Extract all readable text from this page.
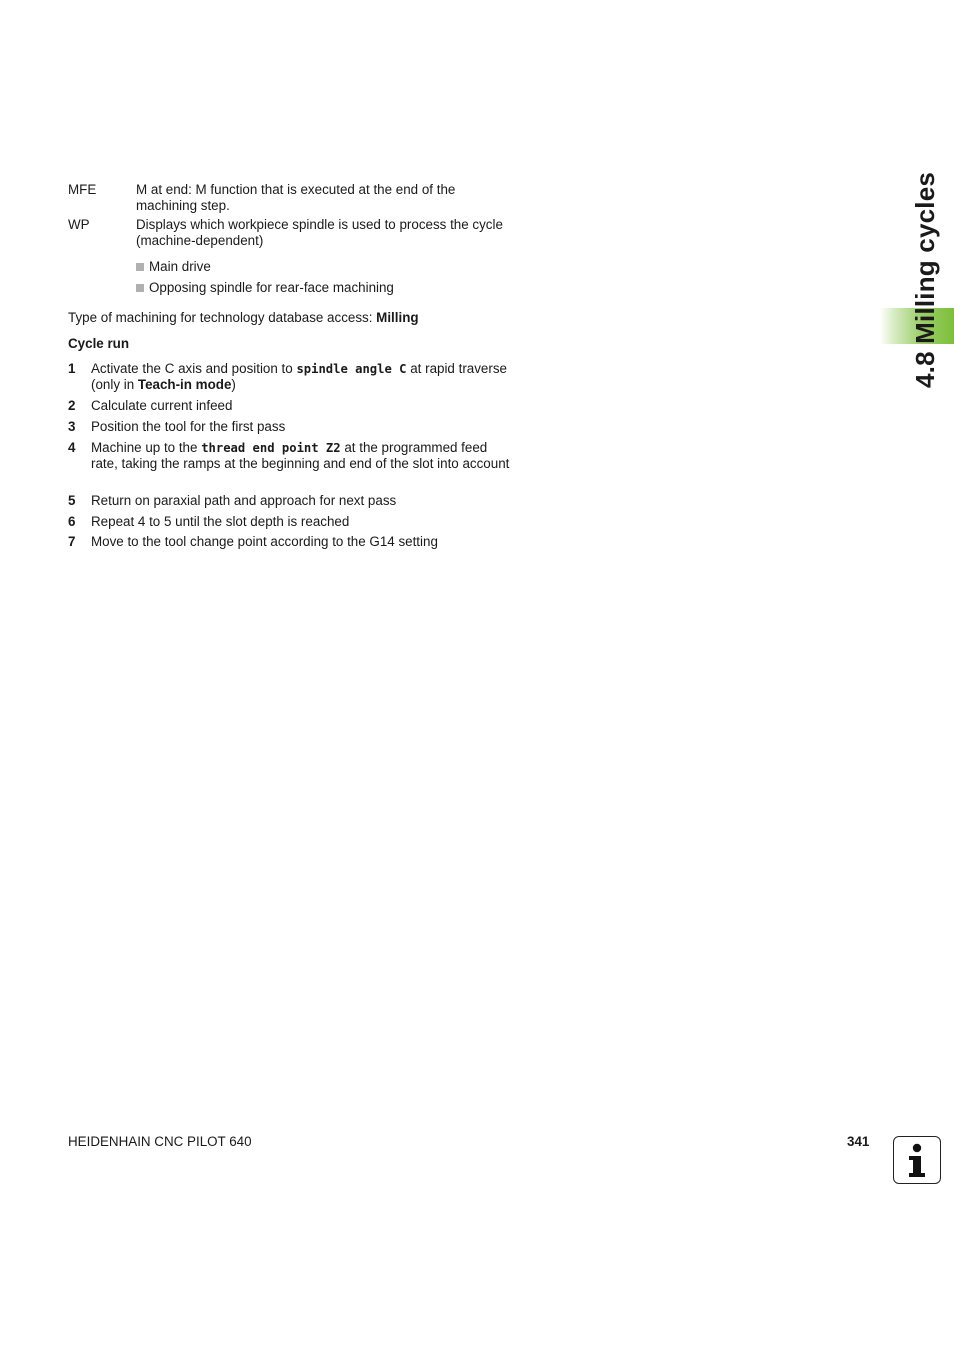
MFE	M at end: M function that is executed at the end of the machining step.
WP	Displays which workpiece spindle is used to process the cycle (machine-dependent)
Main drive
Opposing spindle for rear-face machining
Type of machining for technology database access: Milling
Cycle run
1 Activate the C axis and position to spindle angle C at rapid traverse (only in Teach-in mode)
2 Calculate current infeed
3 Position the tool for the first pass
4 Machine up to the thread end point Z2 at the programmed feed rate, taking the ramps at the beginning and end of the slot into account
5 Return on paraxial path and approach for next pass
6 Repeat 4 to 5 until the slot depth is reached
7 Move to the tool change point according to the G14 setting
4.8 Milling cycles
HEIDENHAIN CNC PILOT 640	341
